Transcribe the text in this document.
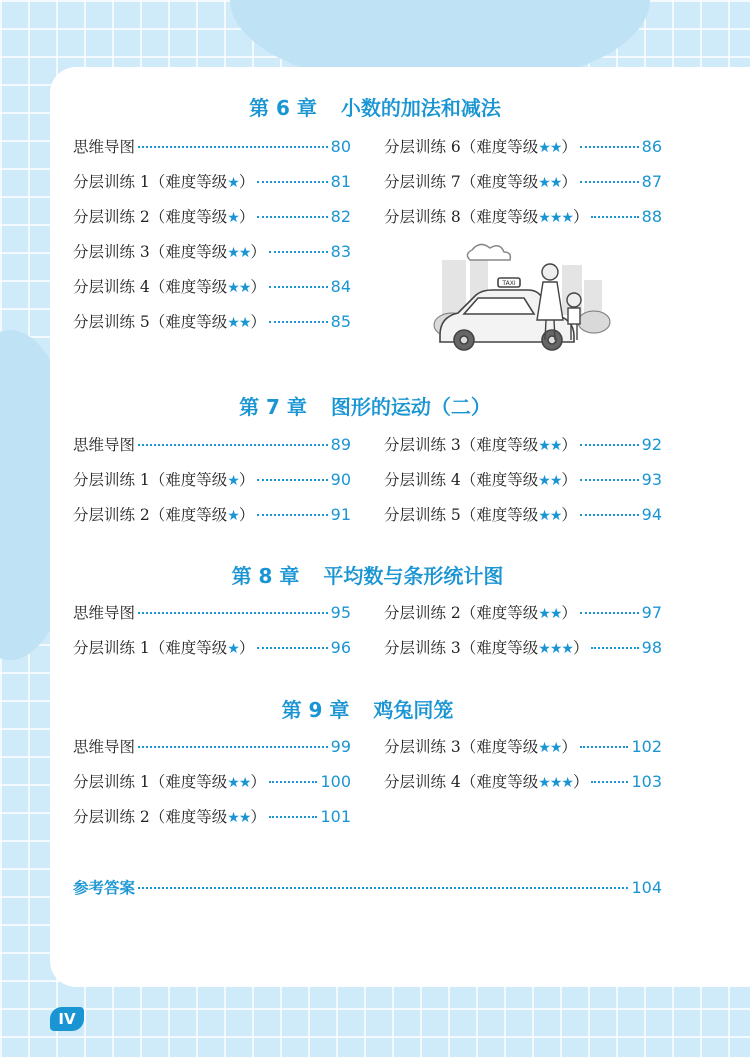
第 6 章 小数的加法和减法
TAXI
第 7 章 图形的运动（二）
第 8 章 平均数与条形统计图
第 9 章 鸡兔同笼
参考答案	104
IV
思维导图	80
分层训练 1（难度等级★）	81
分层训练 2（难度等级★）	82
分层训练 3（难度等级★★）	83
分层训练 4（难度等级★★）	84
分层训练 5（难度等级★★）	85
分层训练 6（难度等级★★）	86
分层训练 7（难度等级★★）	87
分层训练 8（难度等级★★★）	88
思维导图	89
分层训练 1（难度等级★）	90
分层训练 2（难度等级★）	91
分层训练 3（难度等级★★）	92
分层训练 4（难度等级★★）	93
分层训练 5（难度等级★★）	94
思维导图	95
分层训练 1（难度等级★）	96
分层训练 2（难度等级★★）	97
分层训练 3（难度等级★★★）	98
思维导图	99
分层训练 1（难度等级★★）	100
分层训练 2（难度等级★★）	101
分层训练 3（难度等级★★）	102
分层训练 4（难度等级★★★）	103
